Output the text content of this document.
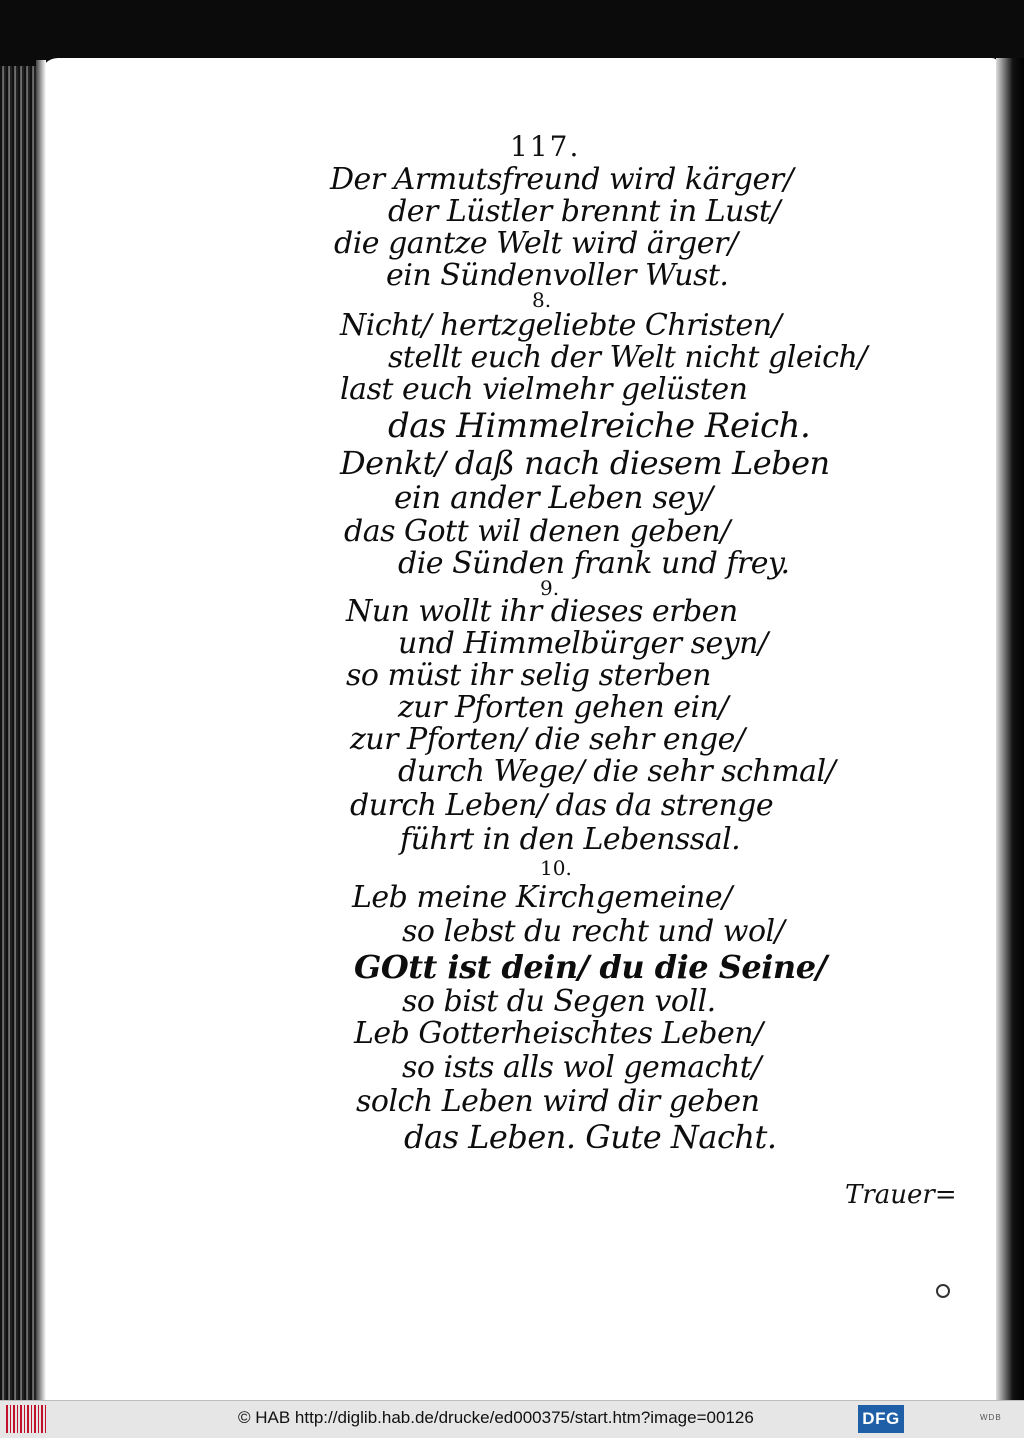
117.
Der Armutsfreund wird kärger/
der Lüstler brennt in Lust/
die gantze Welt wird ärger/
ein Sündenvoller Wust.
8.
Nicht/ hertzgeliebte Christen/
stellt euch der Welt nicht gleich/
last euch vielmehr gelüsten
das Himmelreiche Reich.
Denkt/ daß nach diesem Leben
ein ander Leben sey/
das Gott wil denen geben/
die Sünden frank und frey.
9.
Nun wollt ihr dieses erben
und Himmelbürger seyn/
so müst ihr selig sterben
zur Pforten gehen ein/
zur Pforten/ die sehr enge/
durch Wege/ die sehr schmal/
durch Leben/ das da strenge
führt in den Lebenssal.
10.
Leb meine Kirchgemeine/
so lebst du recht und wol/
GOtt ist dein/ du die Seine/
so bist du Segen voll.
Leb Gotterheischtes Leben/
so ists alls wol gemacht/
solch Leben wird dir geben
das Leben. Gute Nacht.
Trauer=
© HAB http://diglib.hab.de/drucke/ed000375/start.htm?image=00126	DFG	WDB
